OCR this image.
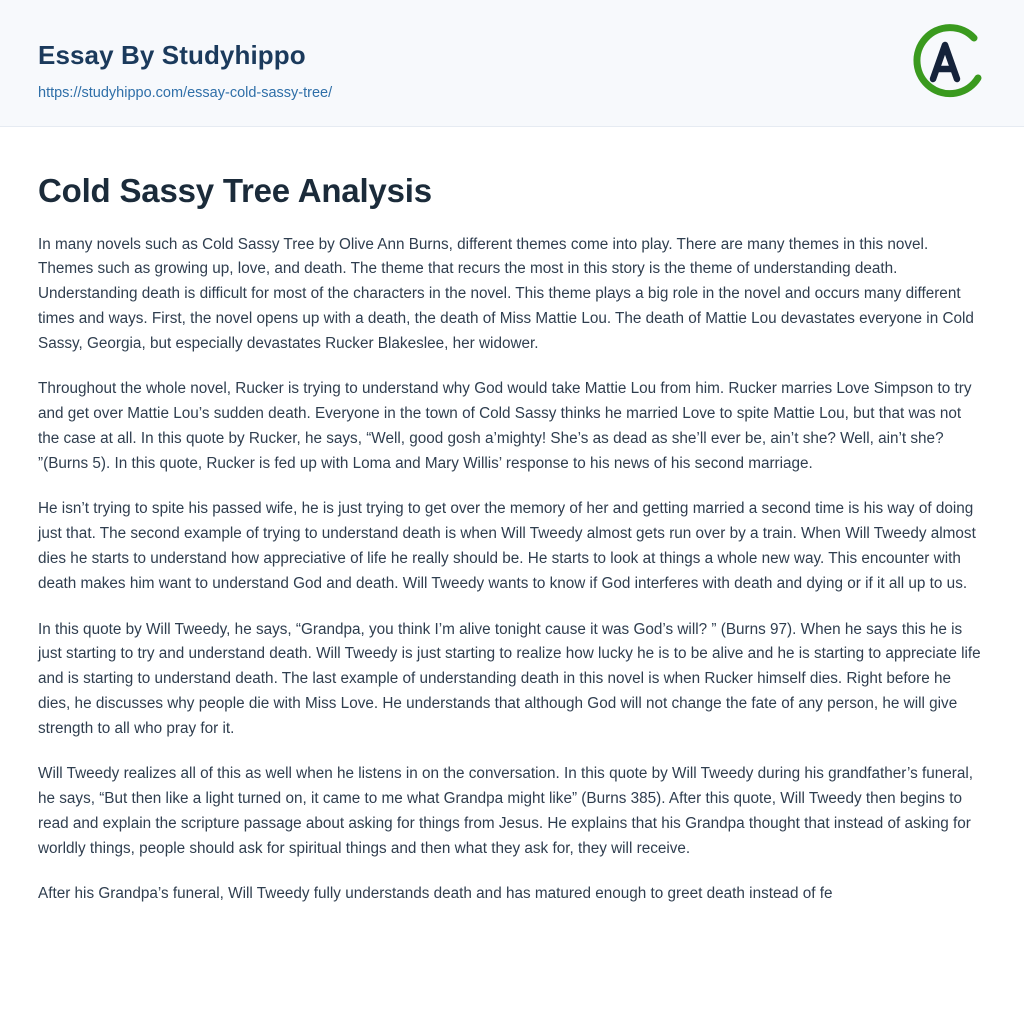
Essay By Studyhippo
https://studyhippo.com/essay-cold-sassy-tree/
Cold Sassy Tree Analysis

In many novels such as Cold Sassy Tree by Olive Ann Burns, different themes come into play. There are many themes in this novel. Themes such as growing up, love, and death. The theme that recurs the most in this story is the theme of understanding death. Understanding death is difficult for most of the characters in the novel. This theme plays a big role in the novel and occurs many different times and ways. First, the novel opens up with a death, the death of Miss Mattie Lou. The death of Mattie Lou devastates everyone in Cold Sassy, Georgia, but especially devastates Rucker Blakeslee, her widower.

Throughout the whole novel, Rucker is trying to understand why God would take Mattie Lou from him. Rucker marries Love Simpson to try and get over Mattie Lou’s sudden death. Everyone in the town of Cold Sassy thinks he married Love to spite Mattie Lou, but that was not the case at all. In this quote by Rucker, he says, “Well, good gosh a’mighty! She’s as dead as she’ll ever be, ain’t she? Well, ain’t she? ”(Burns 5). In this quote, Rucker is fed up with Loma and Mary Willis’ response to his news of his second marriage.

He isn’t trying to spite his passed wife, he is just trying to get over the memory of her and getting married a second time is his way of doing just that. The second example of trying to understand death is when Will Tweedy almost gets run over by a train. When Will Tweedy almost dies he starts to understand how appreciative of life he really should be. He starts to look at things a whole new way. This encounter with death makes him want to understand God and death. Will Tweedy wants to know if God interferes with death and dying or if it all up to us.

In this quote by Will Tweedy, he says, “Grandpa, you think I’m alive tonight cause it was God’s will? ” (Burns 97). When he says this he is just starting to try and understand death. Will Tweedy is just starting to realize how lucky he is to be alive and he is starting to appreciate life and is starting to understand death. The last example of understanding death in this novel is when Rucker himself dies. Right before he dies, he discusses why people die with Miss Love. He understands that although God will not change the fate of any person, he will give strength to all who pray for it.

Will Tweedy realizes all of this as well when he listens in on the conversation. In this quote by Will Tweedy during his grandfather’s funeral, he says, “But then like a light turned on, it came to me what Grandpa might like” (Burns 385). After this quote, Will Tweedy then begins to read and explain the scripture passage about asking for things from Jesus. He explains that his Grandpa thought that instead of asking for worldly things, people should ask for spiritual things and then what they ask for, they will receive.

After his Grandpa’s funeral, Will Tweedy fully understands death and has matured enough to greet death instead of fe
